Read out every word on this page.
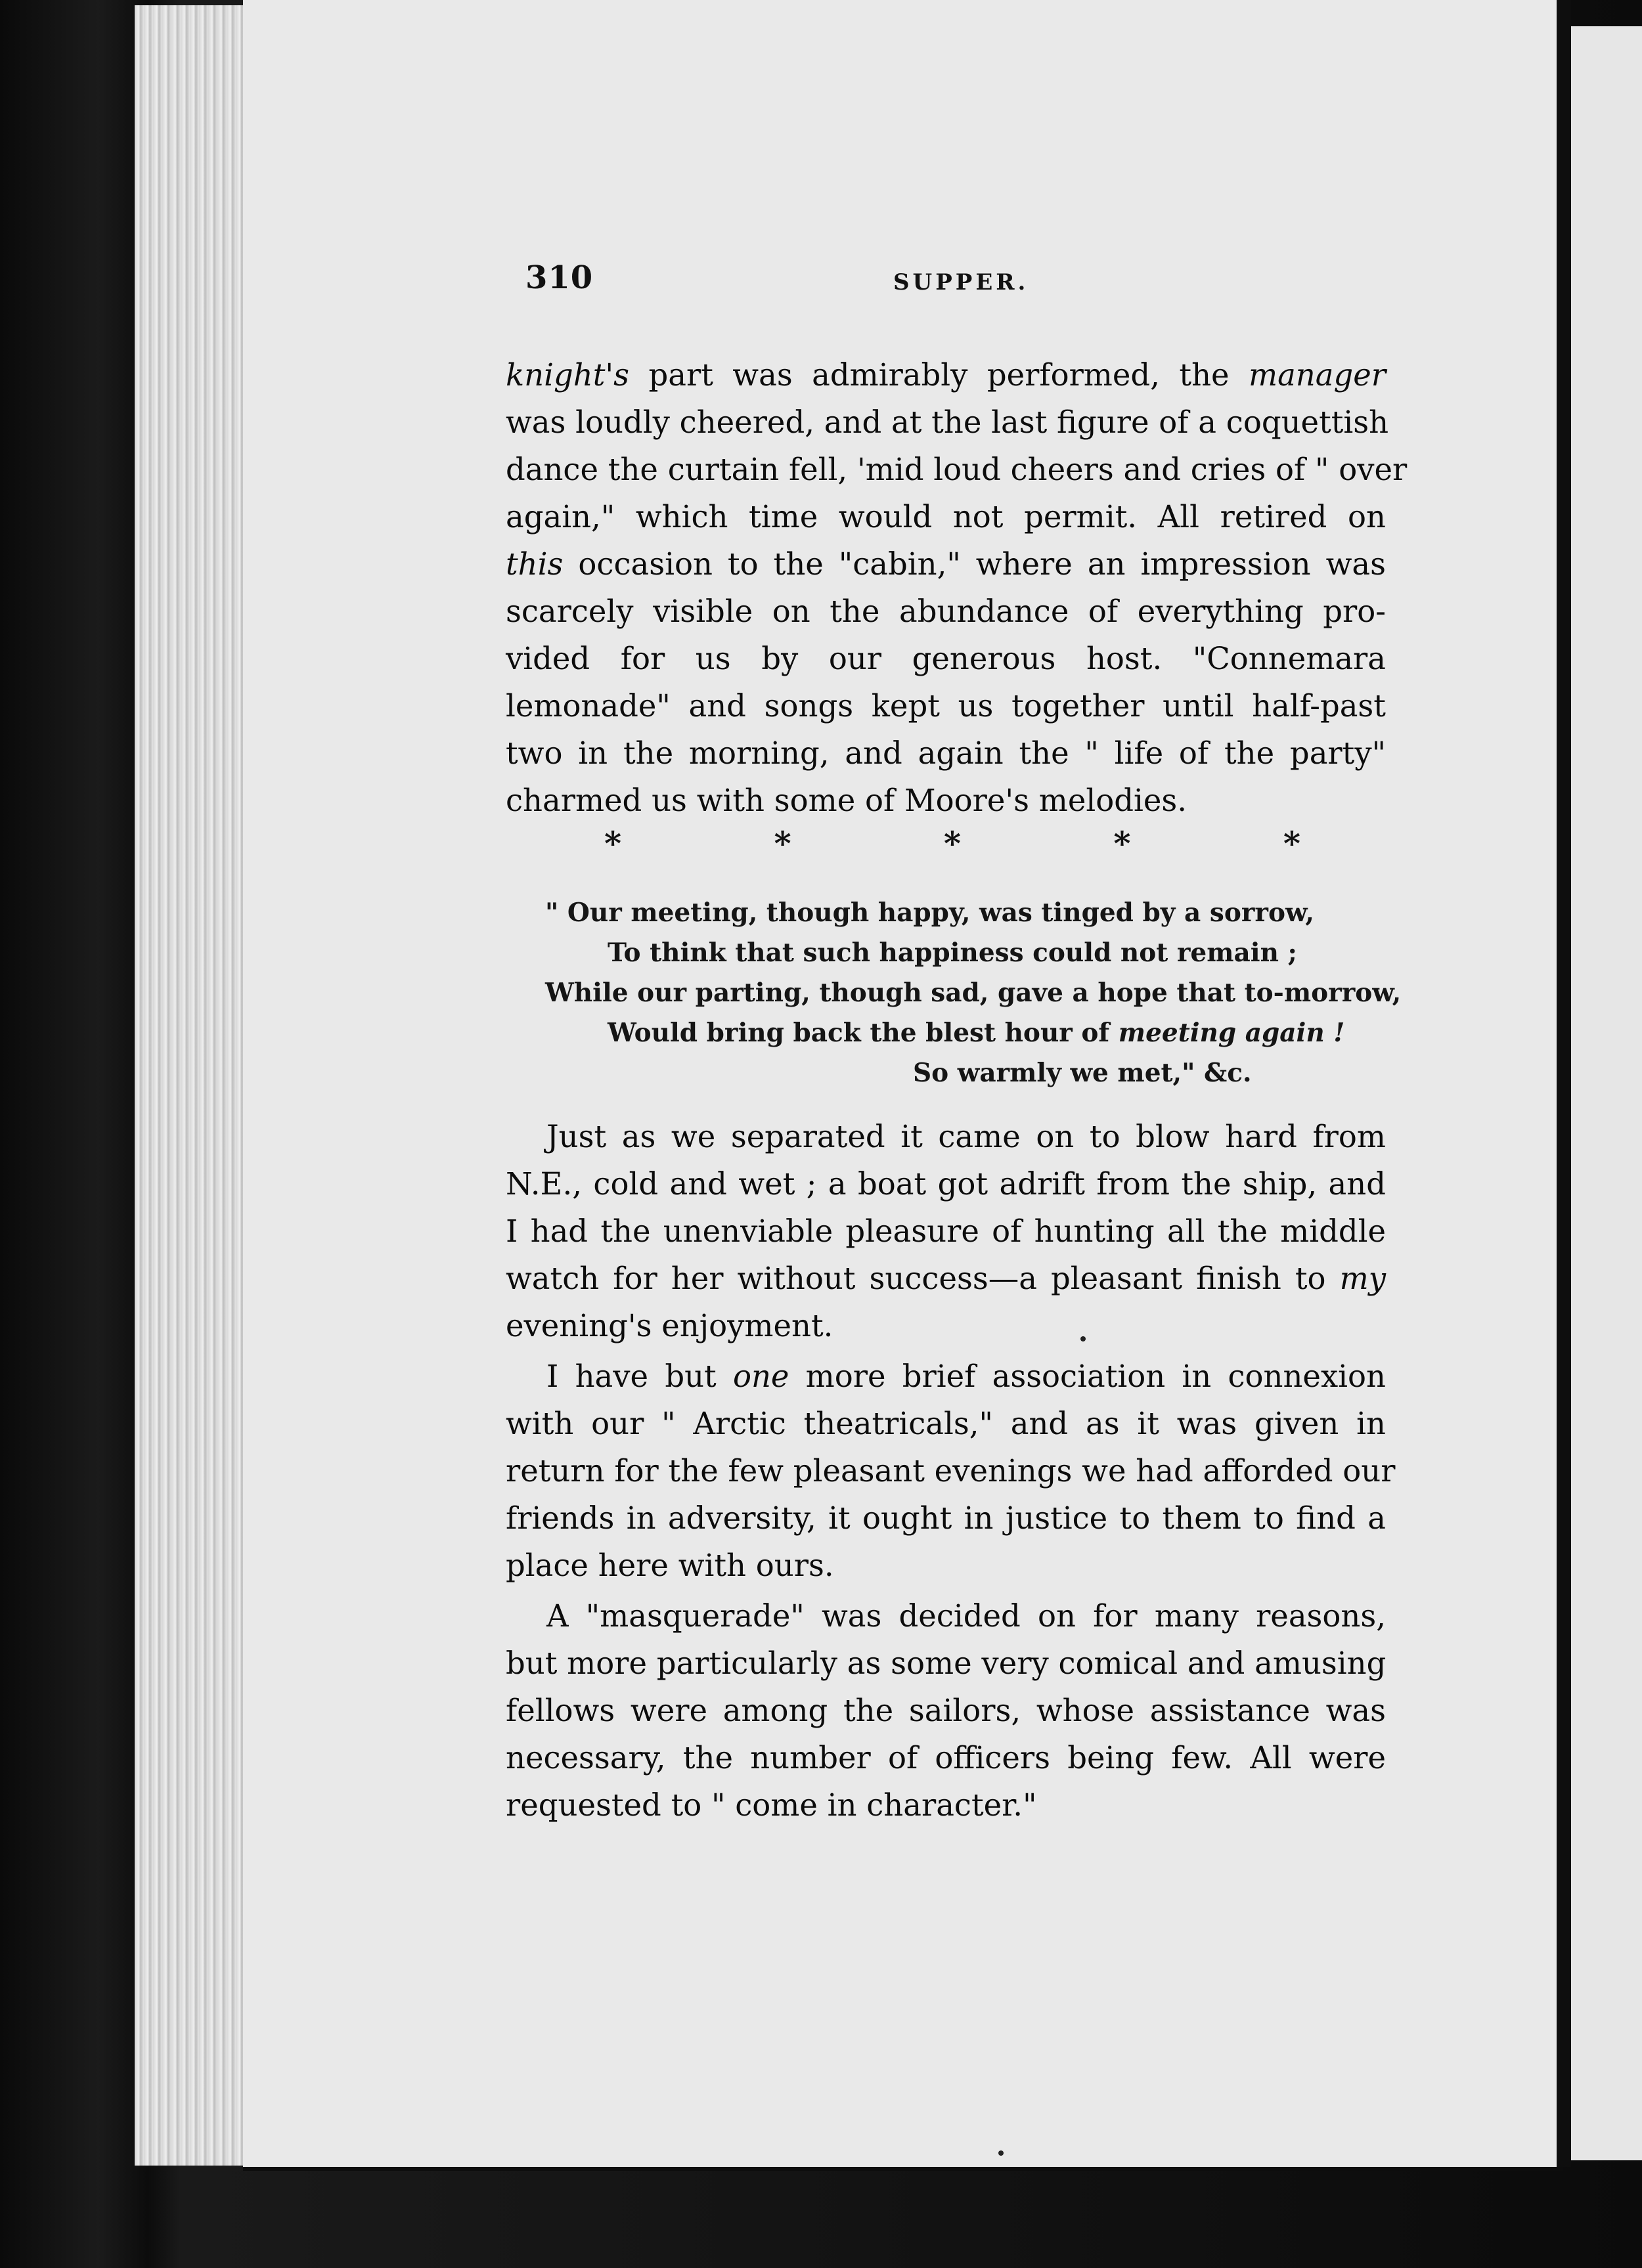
310	SUPPER.
knight's part was admirably performed, the manager
was loudly cheered, and at the last figure of a coquettish
dance the curtain fell, 'mid loud cheers and cries of " over
again," which time would not permit. All retired on
this occasion to the "cabin," where an impression was
scarcely visible on the abundance of everything pro-
vided for us by our generous host. "Connemara
lemonade" and songs kept us together until half-past
two in the morning, and again the " life of the party"
charmed us with some of Moore's melodies.
*	*	*	*	*
" Our meeting, though happy, was tinged by a sorrow,
To think that such happiness could not remain ;
While our parting, though sad, gave a hope that to-morrow,
Would bring back the blest hour of meeting again !
So warmly we met," &c.
Just as we separated it came on to blow hard from
N.E., cold and wet ; a boat got adrift from the ship, and
I had the unenviable pleasure of hunting all the middle
watch for her without success—a pleasant finish to my
evening's enjoyment.
I have but one more brief association in connexion
with our " Arctic theatricals," and as it was given in
return for the few pleasant evenings we had afforded our
friends in adversity, it ought in justice to them to find a
place here with ours.
A "masquerade" was decided on for many reasons,
but more particularly as some very comical and amusing
fellows were among the sailors, whose assistance was
necessary, the number of officers being few. All were
requested to " come in character."
